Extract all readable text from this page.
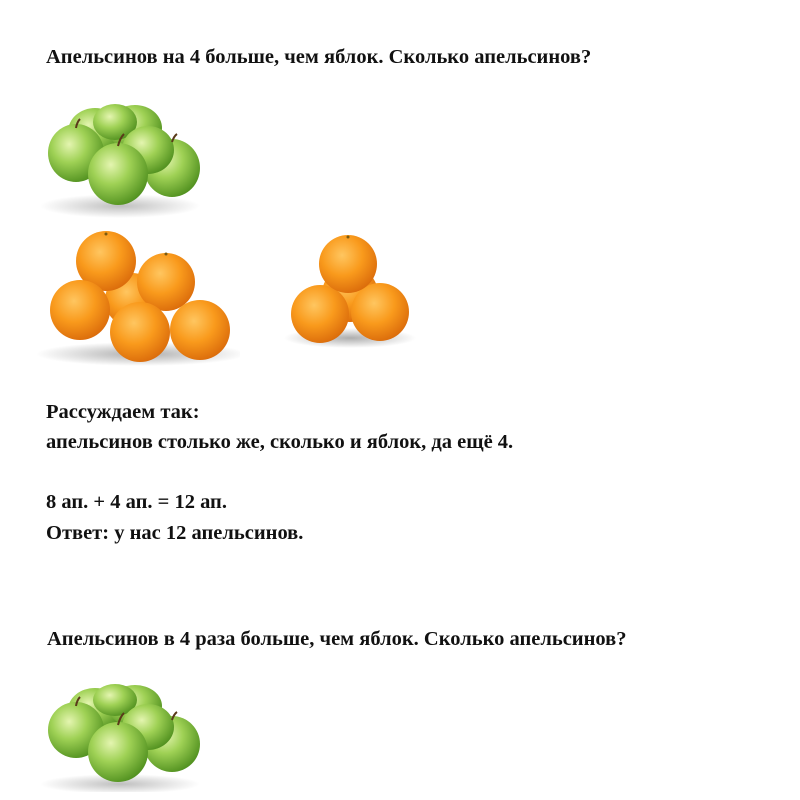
Апельсинов на 4 больше, чем яблок. Сколько апельсинов?

Рассуждаем так:

апельсинов столько же, сколько и яблок, да ещё 4.

8 ап. + 4 ап. = 12 ап.

Ответ: у нас 12 апельсинов.

Апельсинов в 4 раза больше, чем яблок. Сколько апельсинов?
